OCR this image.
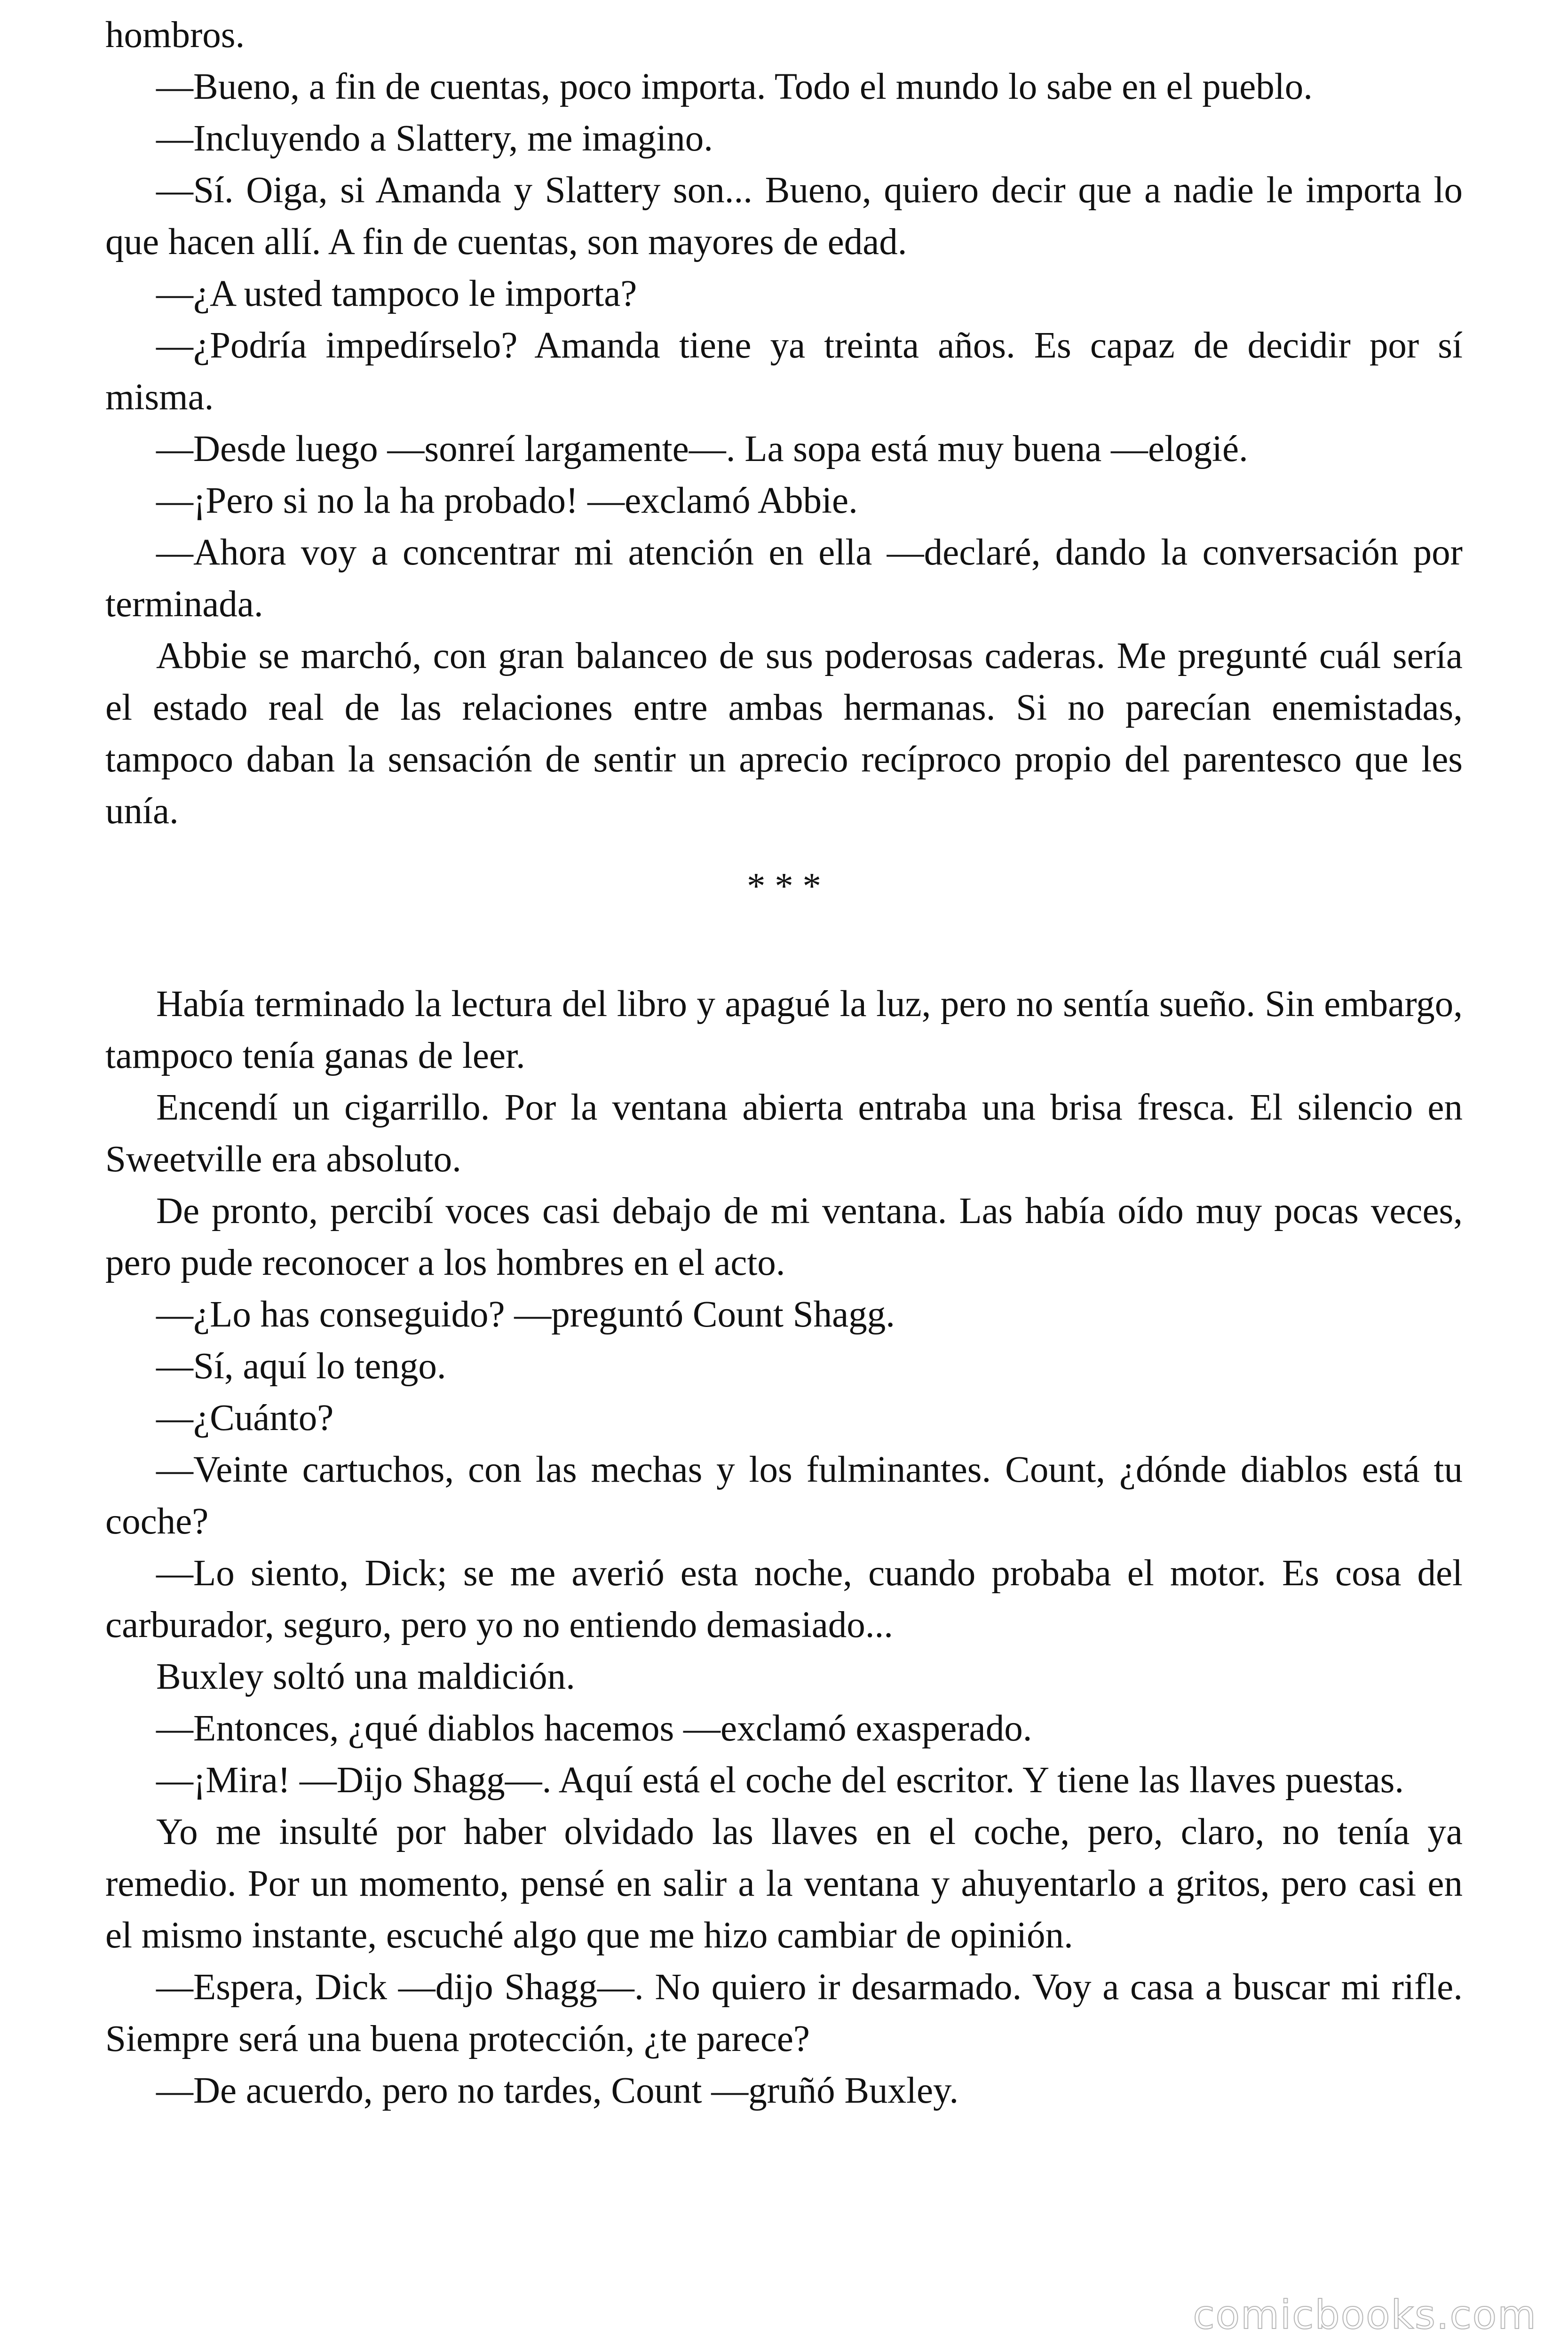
hombros.

—Bueno, a fin de cuentas, poco importa. Todo el mundo lo sabe en el pueblo.

—Incluyendo a Slattery, me imagino.

—Sí. Oiga, si Amanda y Slattery son... Bueno, quiero decir que a nadie le importa lo que hacen allí. A fin de cuentas, son mayores de edad.

—¿A usted tampoco le importa?

—¿Podría impedírselo? Amanda tiene ya treinta años. Es capaz de decidir por sí misma.

—Desde luego —sonreí largamente—. La sopa está muy buena —elogié.

—¡Pero si no la ha probado! —exclamó Abbie.

—Ahora voy a concentrar mi atención en ella —declaré, dando la conversación por terminada.

Abbie se marchó, con gran balanceo de sus poderosas caderas. Me pregunté cuál sería el estado real de las relaciones entre ambas hermanas. Si no parecían enemistadas, tampoco daban la sensación de sentir un aprecio recíproco propio del parentesco que les unía.

* * *

Había terminado la lectura del libro y apagué la luz, pero no sentía sueño. Sin embargo, tampoco tenía ganas de leer.

Encendí un cigarrillo. Por la ventana abierta entraba una brisa fresca. El silencio en Sweetville era absoluto.

De pronto, percibí voces casi debajo de mi ventana. Las había oído muy pocas veces, pero pude reconocer a los hombres en el acto.

—¿Lo has conseguido? —preguntó Count Shagg.

—Sí, aquí lo tengo.

—¿Cuánto?

—Veinte cartuchos, con las mechas y los fulminantes. Count, ¿dónde diablos está tu coche?

—Lo siento, Dick; se me averió esta noche, cuando probaba el motor. Es cosa del carburador, seguro, pero yo no entiendo demasiado...

Buxley soltó una maldición.

—Entonces, ¿qué diablos hacemos —exclamó exasperado.

—¡Mira! —Dijo Shagg—. Aquí está el coche del escritor. Y tiene las llaves puestas.

Yo me insulté por haber olvidado las llaves en el coche, pero, claro, no tenía ya remedio. Por un momento, pensé en salir a la ventana y ahuyentarlo a gritos, pero casi en el mismo instante, escuché algo que me hizo cambiar de opinión.

—Espera, Dick —dijo Shagg—. No quiero ir desarmado. Voy a casa a buscar mi rifle. Siempre será una buena protección, ¿te parece?

—De acuerdo, pero no tardes, Count —gruñó Buxley.

comicbooks.com
